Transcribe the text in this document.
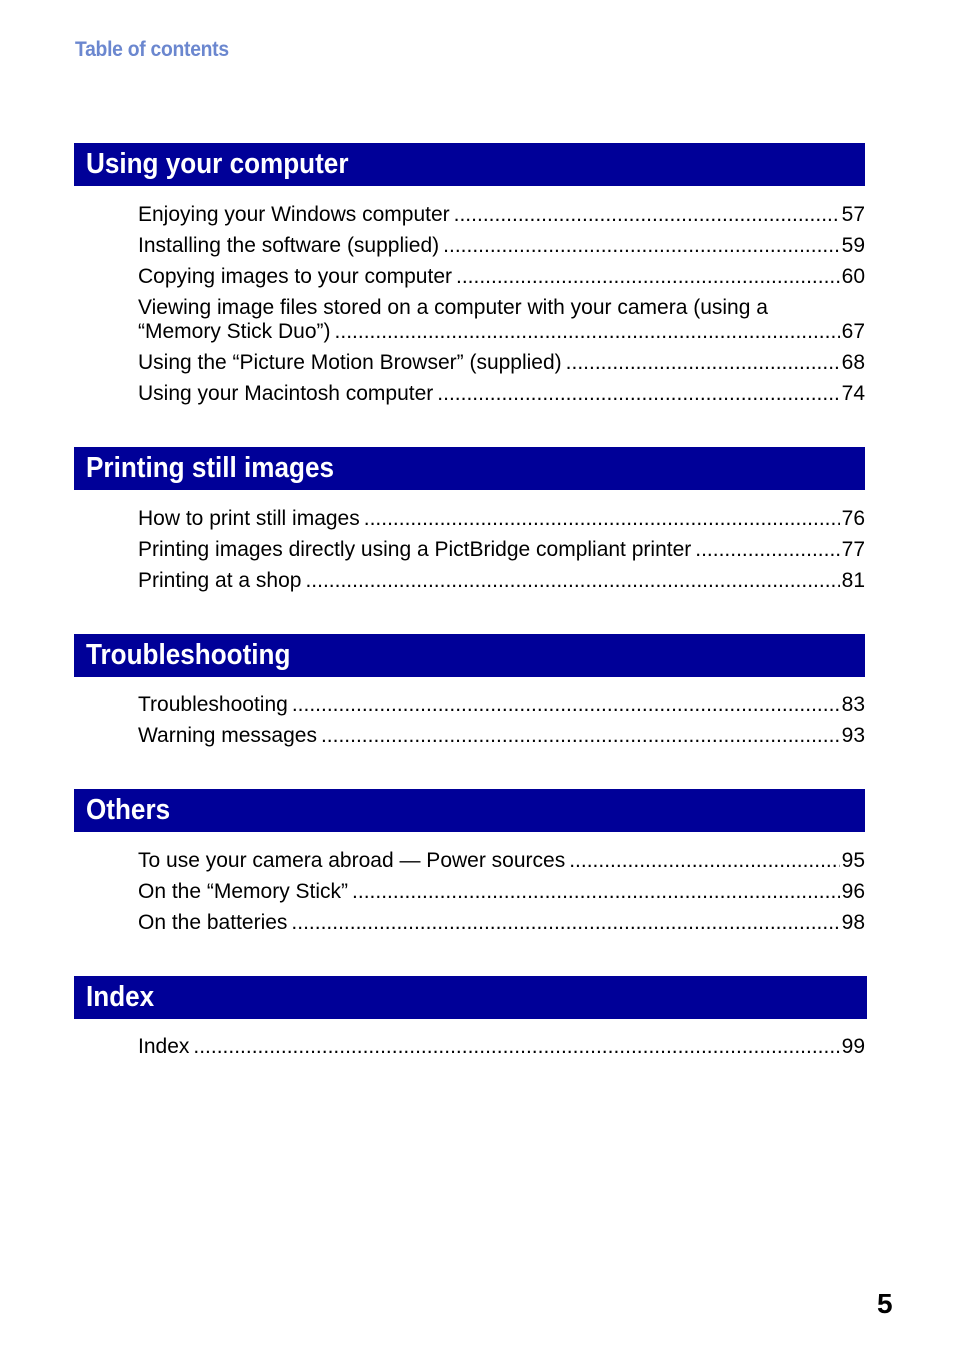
Table of contents
Using your computer
Enjoying your Windows computer .....	57
Installing the software (supplied) .....	59
Copying images to your computer .....	60
Viewing image files stored on a computer with your camera (using a
“Memory Stick Duo”) .....	67
Using the “Picture Motion Browser” (supplied) .....	68
Using your Macintosh computer .....	74
Printing still images
How to print still images .....	76
Printing images directly using a PictBridge compliant printer .....	77
Printing at a shop .....	81
Troubleshooting
Troubleshooting .....	83
Warning messages .....	93
Others
To use your camera abroad — Power sources .....	95
On the “Memory Stick” .....	96
On the batteries .....	98
Index
Index .....	99
5
